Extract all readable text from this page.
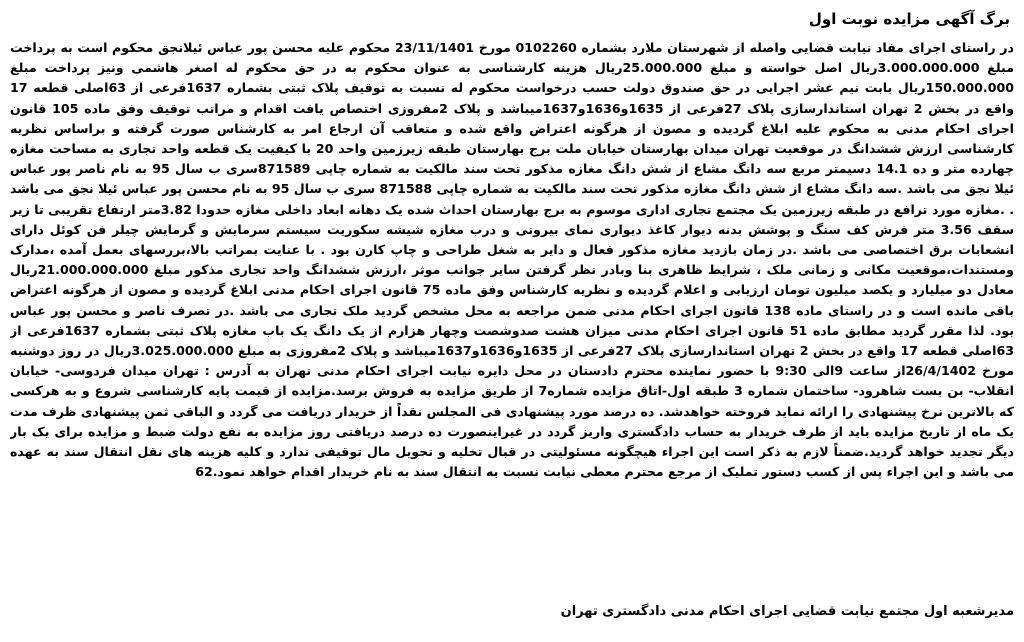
برگ آگهی مزایده نوبت اول

در راستای اجرای مفاد نیابت قضایی واصله از شهرستان ملارد بشماره 0102260 مورخ 23/11/1401 محکوم علیه محسن پور عباس ئیلانجق محکوم است به پرداخت مبلغ 3.000.000.000ریال اصل خواسته و مبلغ 25.000.000ریال هزینه کارشناسی به عنوان محکوم به در حق محکوم له اصغر هاشمی ونیز پرداخت مبلغ 150.000.000ریال بابت نیم عشر اجرایی در حق صندوق دولت حسب درخواست محکوم له نسبت به توقیف پلاک ثبتی بشماره 1637فرعی از 63اصلی قطعه 17 واقع در بخش 2 تهران استاندارسازی پلاک 27فرعی از 1635و1636و1637میباشد و پلاک 2مفروزی اختصاص یافت اقدام و مراتب توقیف وفق ماده 105 قانون اجرای احکام مدنی به محکوم علیه ابلاغ گردیده و مصون از هرگونه اعتراض واقع شده و متعاقب آن ارجاع امر به کارشناس صورت گرفته و براساس نظریه کارشناسی ارزش ششدانگ در موقعیت تهران میدان بهارستان خیابان ملت برج بهارستان طبقه زیرزمین واحد 20 با کیفیت یک قطعه واحد تجاری به مساحت مغازه چهارده متر و ده 14.1 دسیمتر مربع سه دانگ مشاع از شش دانگ مغازه مذکور تحت سند مالکیت به شماره چاپی 871589سری ب سال 95 به نام ناصر پور عباس ئیلا نجق می باشد .سه دانگ مشاع از شش دانگ مغازه مذکور تحت سند مالکیت به شماره چاپی 871588 سری ب سال 95 به نام محسن پور عباس ئیلا نجق می باشد . .مغازه مورد ترافع در طبقه زیرزمین یک مجتمع تجاری اداری موسوم به برج بهارستان احداث شده یک دهانه ابعاد داخلی مغازه حدودا 3.82متر ارتفاع تقریبی تا زیر سقف 3.56 متر فرش کف سنگ و پوشش بدنه دیوار کاغذ دیواری نمای بیرونی و درب مغازه شیشه سکوریت سیستم سرمایش و گرمایش چیلر فن کوئل دارای انشعابات برق اختصاصی می باشد .در زمان بازدید مغازه مذکور فعال و دایر به شغل طراحی و چاپ کارن بود . با عنایت بمراتب بالا،بررسهای بعمل آمده ،مدارک ومستندات،موقعیت مکانی و زمانی ملک ، شرایط ظاهری بنا وبادر نظر گرفتن سایر جوانب موثر ،ارزش ششدانگ واحد تجاری مذکور مبلغ 21.000.000.000ریال معادل دو میلیارد و یکصد میلیون تومان ارزیابی و اعلام گردیده و نظریه کارشناس وفق ماده 75 قانون اجرای احکام مدنی ابلاغ گردیده و مصون از هرگونه اعتراض باقی مانده است و در راستای ماده 138 قانون اجرای احکام مدنی ضمن مراجعه به محل مشخص گردید ملک تجاری می باشد .در تصرف ناصر و محسن پور عباس بود. لذا مقرر گردید مطابق ماده 51 قانون اجرای احکام مدنی میزان هشت صدوشصت وچهار هزارم از یک دانگ یک باب مغازه پلاک ثبتی بشماره 1637فرعی از 63اصلی قطعه 17 واقع در بخش 2 تهران استاندارسازی پلاک 27فرعی از 1635و1636و1637میباشد و پلاک 2مفروزی به مبلغ 3.025.000.000ریال در روز دوشنبه مورخ 26/4/1402از ساعت 9الی 9:30 با حضور نماینده محترم دادستان در محل دایره نیابت اجرای احکام مدنی تهران به آدرس : تهران میدان فردوسی- خیابان انقلاب- بن بست شاهرود- ساختمان شماره 3 طبقه اول-اتاق مزایده شماره7 از طریق مزایده به فروش برسد.مزایده از قیمت پایه کارشناسی شروع و به هرکسی که بالاترین نرخ پیشنهادی را ارائه نماید فروخته خواهدشد. ده درصد مورد پیشنهادی فی المجلس نقداً از خریدار دریافت می گردد و الباقی ثمن پیشنهادی ظرف مدت یک ماه از تاریخ مزایده باید از طرف خریدار به حساب دادگستری واریز گردد در غیراینصورت ده درصد دریافتی روز مزایده به نفع دولت ضبط و مزایده برای یک بار دیگر تجدید خواهد گردید.ضمناً لازم به ذکر است این اجراء هیچگونه مسئولیتی در قبال تخلیه و تحویل مال توقیفی ندارد و کلیه هزینه های نقل انتقال سند به عهده می باشد و این اجراء پس از کسب دستور تملیک از مرجع محترم معطی نیابت نسبت به انتقال سند به نام خریدار اقدام خواهد نمود.62

مدیرشعبه اول مجتمع نیابت قضایی اجرای احکام مدنی دادگستری تهران
